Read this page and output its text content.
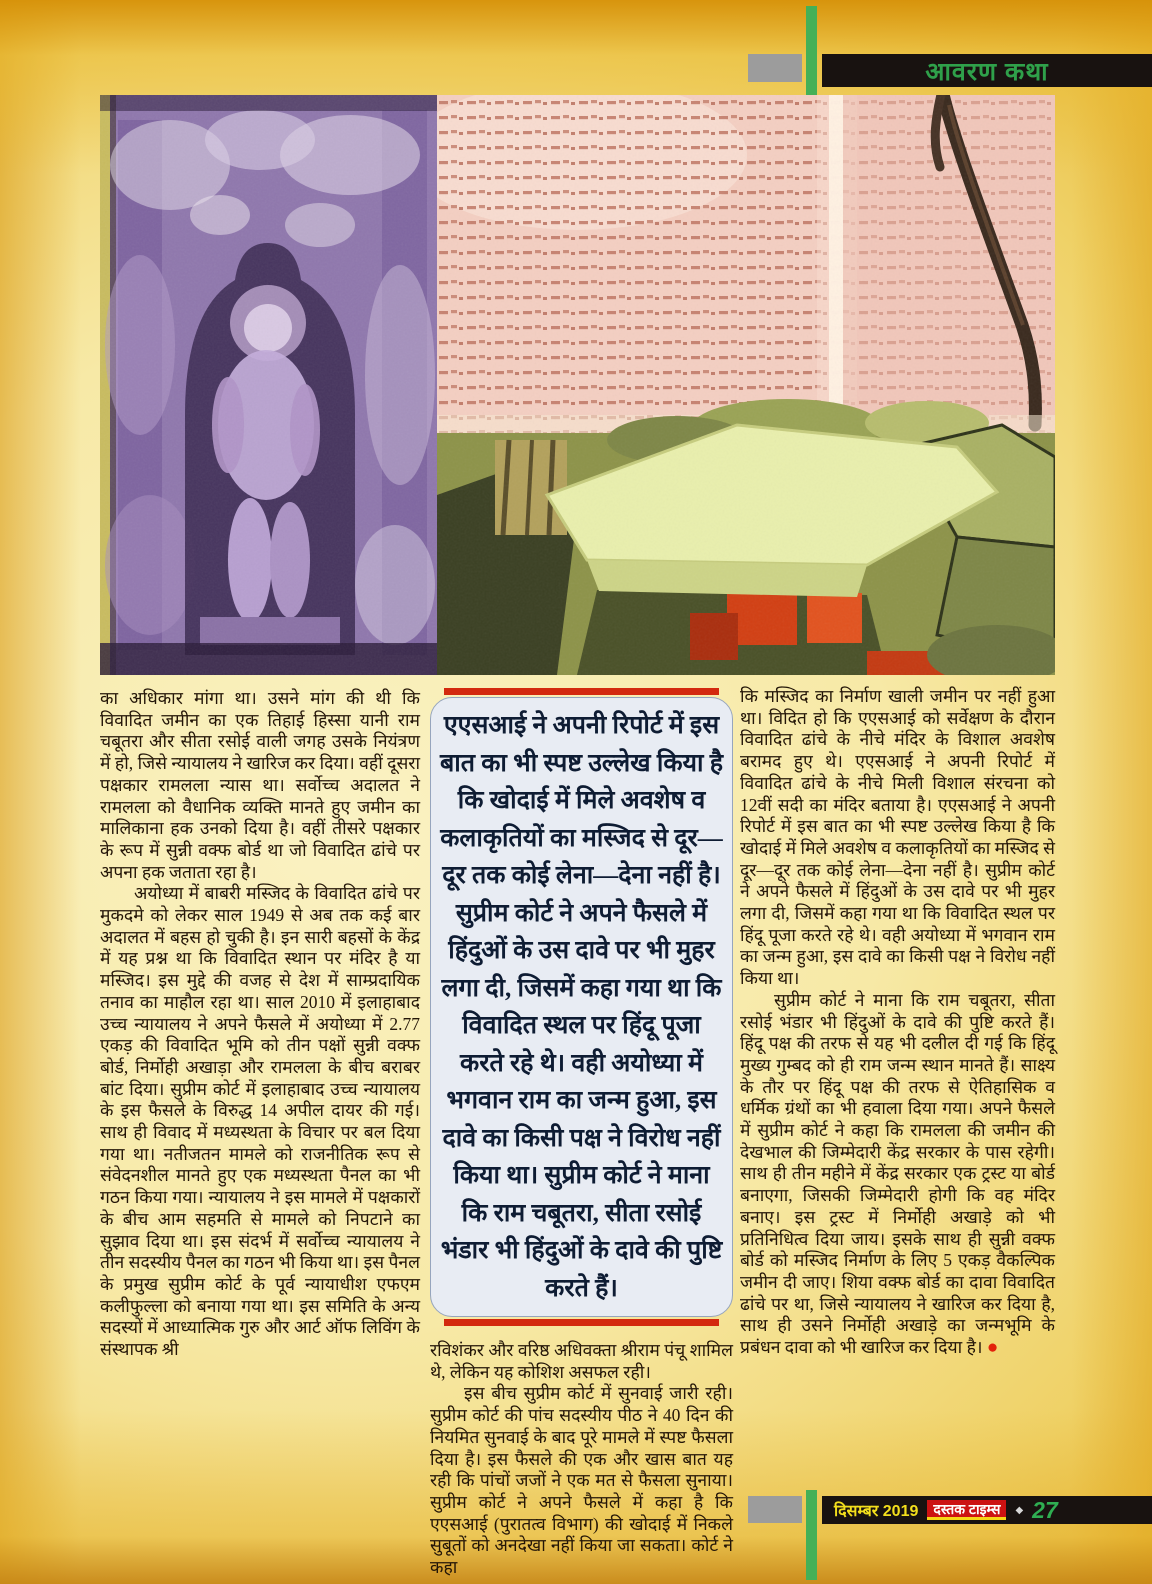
आवरण कथा

का अधिकार मांगा था। उसने मांग की थी कि विवादित जमीन का एक तिहाई हिस्सा यानी राम चबूतरा और सीता रसोई वाली जगह उसके नियंत्रण में हो, जिसे न्यायालय ने खारिज कर दिया। वहीं दूसरा पक्षकार रामलला न्यास था। सर्वोच्च अदालत ने रामलला को वैधानिक व्यक्ति मानते हुए जमीन का मालिकाना हक उनको दिया है। वहीं तीसरे पक्षकार के रूप में सुन्नी वक्फ बोर्ड था जो विवादित ढांचे पर अपना हक जताता रहा है।

अयोध्या में बाबरी मस्जिद के विवादित ढांचे पर मुकदमे को लेकर साल 1949 से अब तक कई बार अदालत में बहस हो चुकी है। इन सारी बहसों के केंद्र में यह प्रश्न था कि विवादित स्थान पर मंदिर है या मस्जिद। इस मुद्दे की वजह से देश में साम्प्रदायिक तनाव का माहौल रहा था। साल 2010 में इलाहाबाद उच्च न्यायालय ने अपने फैसले में अयोध्या में 2.77 एकड़ की विवादित भूमि को तीन पक्षों सुन्नी वक्फ बोर्ड, निर्मोही अखाड़ा और रामलला के बीच बराबर बांट दिया। सुप्रीम कोर्ट में इलाहाबाद उच्च न्यायालय के इस फैसले के विरुद्ध 14 अपील दायर की गई। साथ ही विवाद में मध्यस्थता के विचार पर बल दिया गया था। नतीजतन मामले को राजनीतिक रूप से संवेदनशील मानते हुए एक मध्यस्थता पैनल का भी गठन किया गया। न्यायालय ने इस मामले में पक्षकारों के बीच आम सहमति से मामले को निपटाने का सुझाव दिया था। इस संदर्भ में सर्वोच्च न्यायालय ने तीन सदस्यीय पैनल का गठन भी किया था। इस पैनल के प्रमुख सुप्रीम कोर्ट के पूर्व न्यायाधीश एफएम कलीफुल्ला को बनाया गया था। इस समिति के अन्य सदस्यों में आध्यात्मिक गुरु और आर्ट ऑफ लिविंग के संस्थापक श्री

एएसआई ने अपनी रिपोर्ट में इस बात का भी स्पष्ट उल्लेख किया है कि खोदाई में मिले अवशेष व कलाकृतियों का मस्जिद से दूर—दूर तक कोई लेना—देना नहीं है। सुप्रीम कोर्ट ने अपने फैसले में हिंदुओं के उस दावे पर भी मुहर लगा दी, जिसमें कहा गया था कि विवादित स्थल पर हिंदू पूजा करते रहे थे। वही अयोध्या में भगवान राम का जन्म हुआ, इस दावे का किसी पक्ष ने विरोध नहीं किया था। सुप्रीम कोर्ट ने माना कि राम चबूतरा, सीता रसोई भंडार भी हिंदुओं के दावे की पुष्टि करते हैं।

रविशंकर और वरिष्ठ अधिवक्ता श्रीराम पंचू शामिल थे, लेकिन यह कोशिश असफल रही।

इस बीच सुप्रीम कोर्ट में सुनवाई जारी रही। सुप्रीम कोर्ट की पांच सदस्यीय पीठ ने 40 दिन की नियमित सुनवाई के बाद पूरे मामले में स्पष्ट फैसला दिया है। इस फैसले की एक और खास बात यह रही कि पांचों जजों ने एक मत से फैसला सुनाया। सुप्रीम कोर्ट ने अपने फैसले में कहा है कि एएसआई (पुरातत्व विभाग) की खोदाई में निकले सुबूतों को अनदेखा नहीं किया जा सकता। कोर्ट ने कहा

कि मस्जिद का निर्माण खाली जमीन पर नहीं हुआ था। विदित हो कि एएसआई को सर्वेक्षण के दौरान विवादित ढांचे के नीचे मंदिर के विशाल अवशेष बरामद हुए थे। एएसआई ने अपनी रिपोर्ट में विवादित ढांचे के नीचे मिली विशाल संरचना को 12वीं सदी का मंदिर बताया है। एएसआई ने अपनी रिपोर्ट में इस बात का भी स्पष्ट उल्लेख किया है कि खोदाई में मिले अवशेष व कलाकृतियों का मस्जिद से दूर—दूर तक कोई लेना—देना नहीं है। सुप्रीम कोर्ट ने अपने फैसले में हिंदुओं के उस दावे पर भी मुहर लगा दी, जिसमें कहा गया था कि विवादित स्थल पर हिंदू पूजा करते रहे थे। वही अयोध्या में भगवान राम का जन्म हुआ, इस दावे का किसी पक्ष ने विरोध नहीं किया था।

सुप्रीम कोर्ट ने माना कि राम चबूतरा, सीता रसोई भंडार भी हिंदुओं के दावे की पुष्टि करते हैं। हिंदू पक्ष की तरफ से यह भी दलील दी गई कि हिंदू मुख्य गुम्बद को ही राम जन्म स्थान मानते हैं। साक्ष्य के तौर पर हिंदू पक्ष की तरफ से ऐतिहासिक व धर्मिक ग्रंथों का भी हवाला दिया गया। अपने फैसले में सुप्रीम कोर्ट ने कहा कि रामलला की जमीन की देखभाल की जिम्मेदारी केंद्र सरकार के पास रहेगी। साथ ही तीन महीने में केंद्र सरकार एक ट्रस्ट या बोर्ड बनाएगा, जिसकी जिम्मेदारी होगी कि वह मंदिर बनाए। इस ट्रस्ट में निर्मोही अखाड़े को भी प्रतिनिधित्व दिया जाय। इसके साथ ही सुन्नी वक्फ बोर्ड को मस्जिद निर्माण के लिए 5 एकड़ वैकल्पिक जमीन दी जाए। शिया वक्फ बोर्ड का दावा विवादित ढांचे पर था, जिसे न्यायालय ने खारिज कर दिया है, साथ ही उसने निर्मोही अखाड़े का जन्मभूमि के प्रबंधन दावा को भी खारिज कर दिया है। ●

दिसम्बर 2019	दस्तक टाइम्स	◆ 27
